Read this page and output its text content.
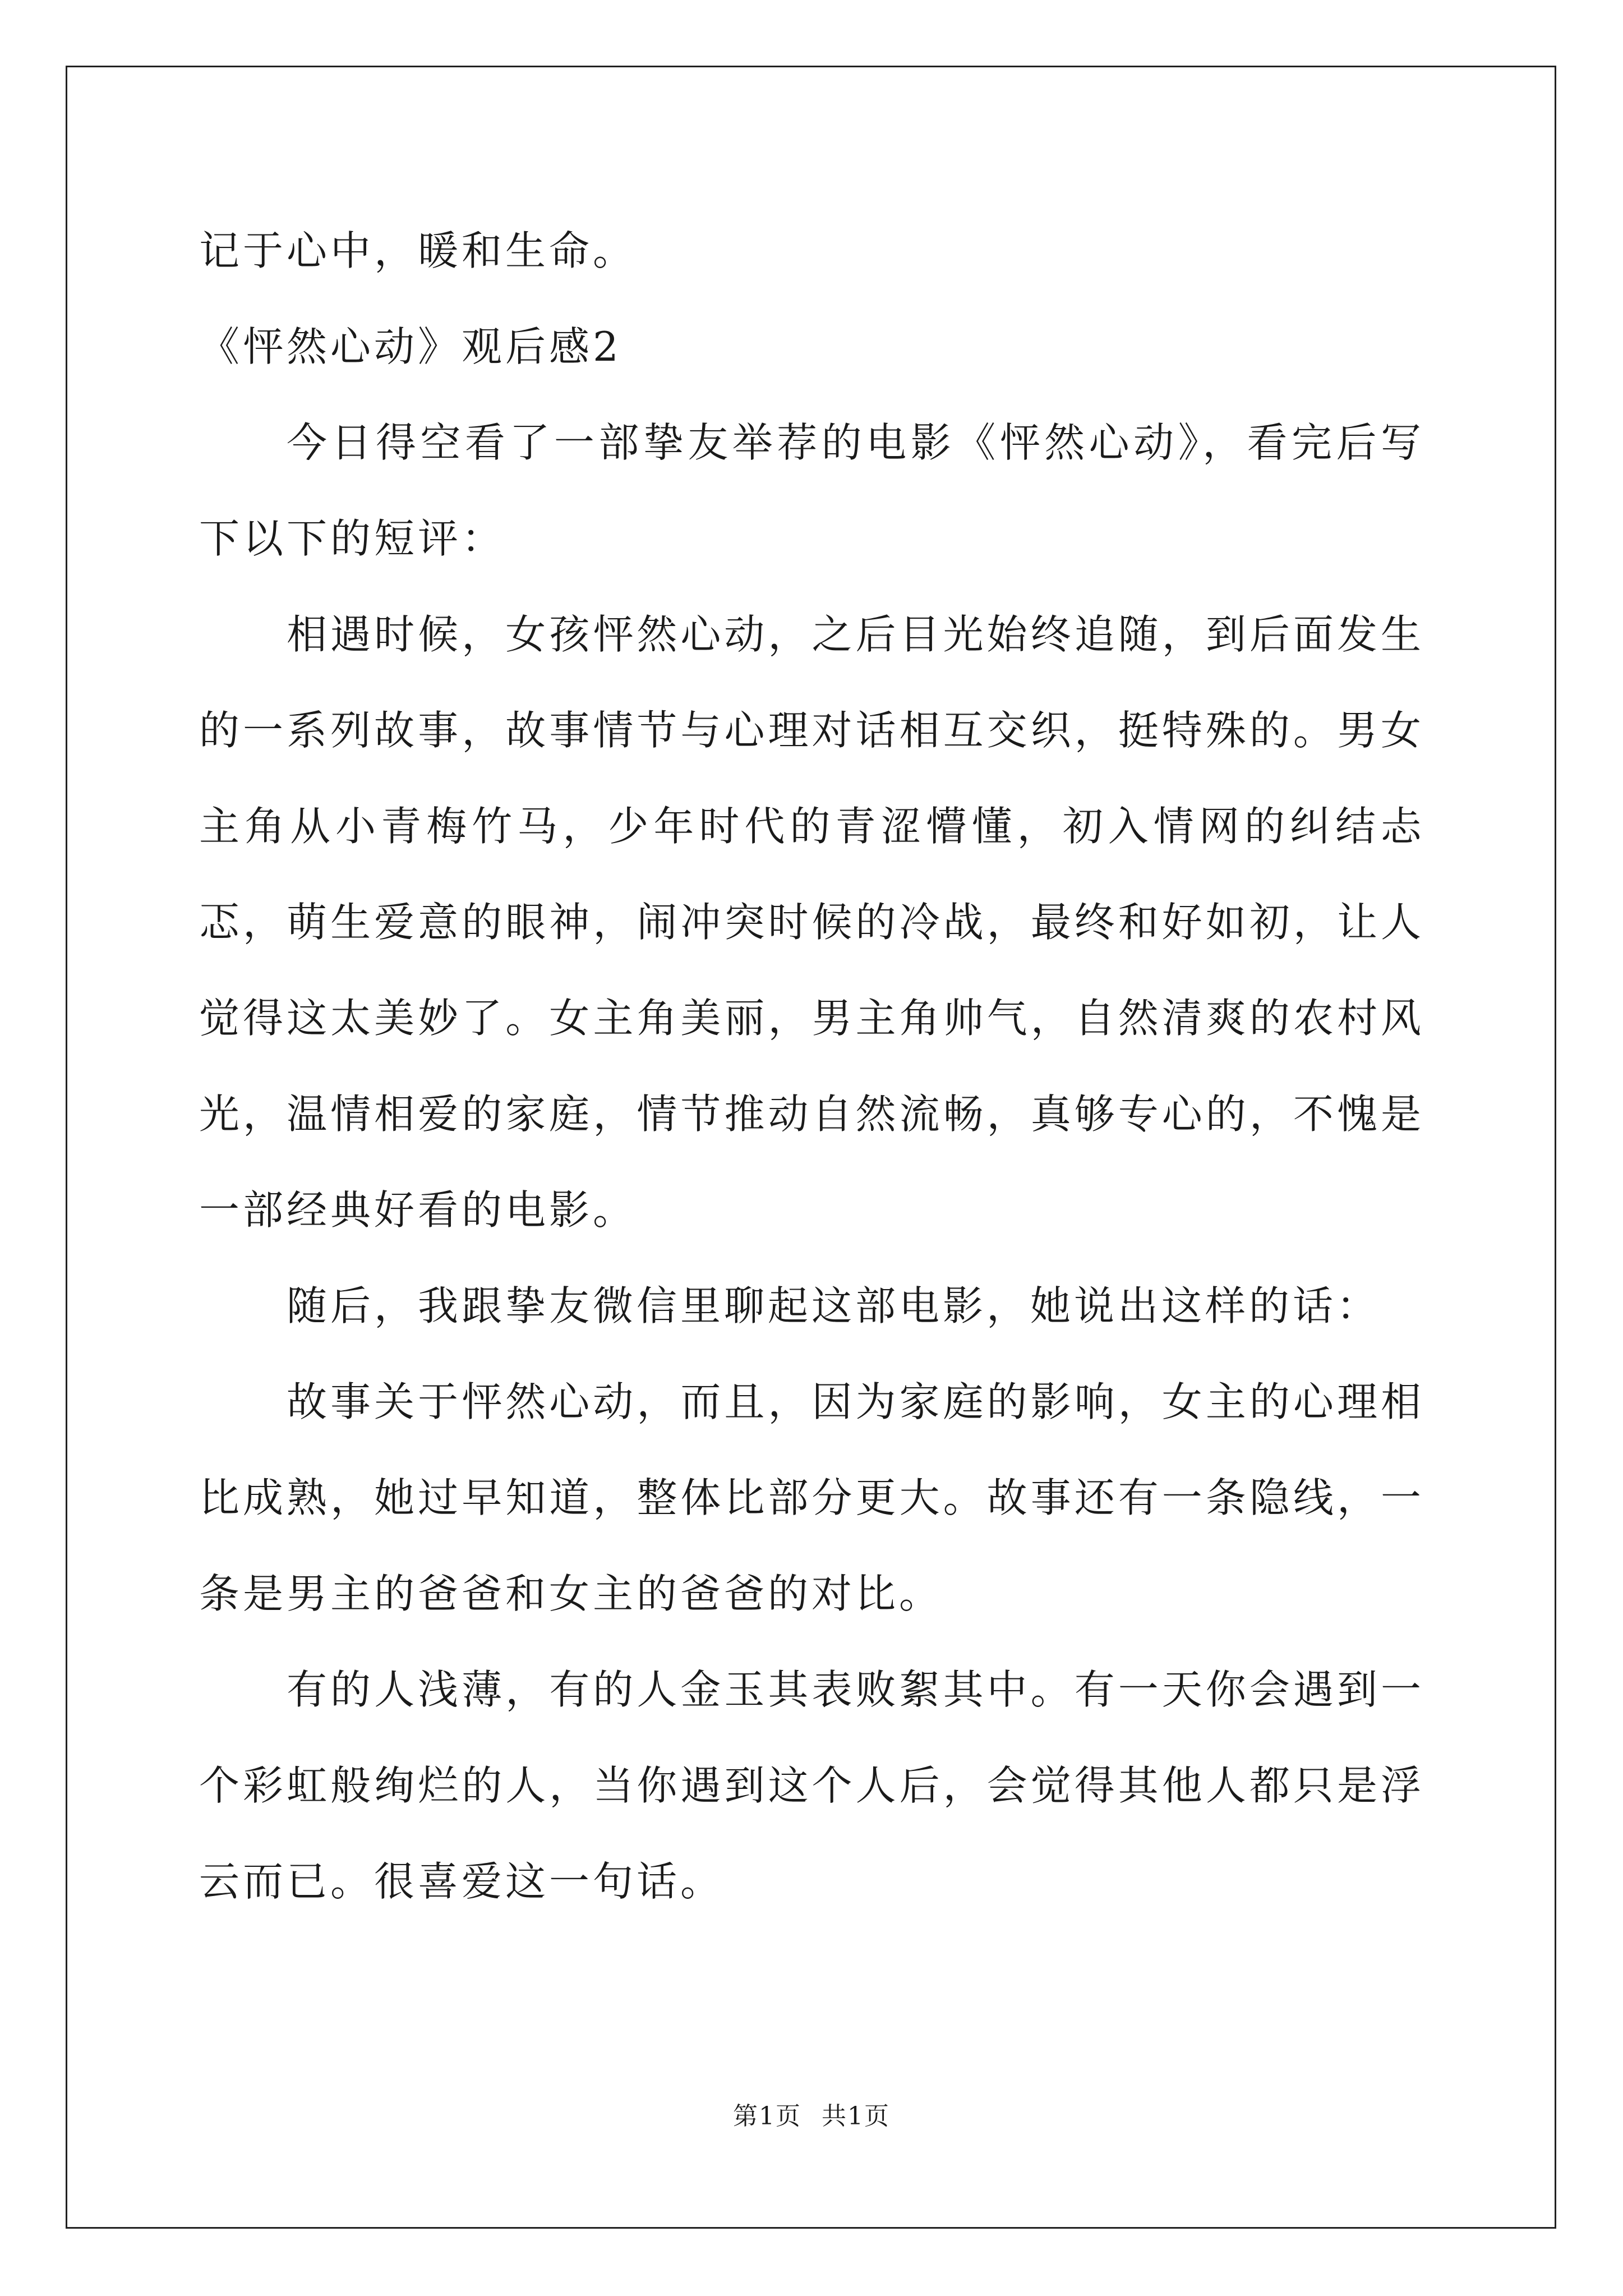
记于心中，暖和生命。

《怦然心动》观后感2

今日得空看了一部挚友举荐的电影《怦然心动》，看完后写下以下的短评：

相遇时候，女孩怦然心动，之后目光始终追随，到后面发生的一系列故事，故事情节与心理对话相互交织，挺特殊的。男女主角从小青梅竹马，少年时代的青涩懵懂，初入情网的纠结忐忑，萌生爱意的眼神，闹冲突时候的冷战，最终和好如初，让人觉得这太美妙了。女主角美丽，男主角帅气，自然清爽的农村风光，温情相爱的家庭，情节推动自然流畅，真够专心的，不愧是一部经典好看的电影。

随后，我跟挚友微信里聊起这部电影，她说出这样的话：

故事关于怦然心动，而且，因为家庭的影响，女主的心理相比成熟，她过早知道，整体比部分更大。故事还有一条隐线，一条是男主的爸爸和女主的爸爸的对比。

有的人浅薄，有的人金玉其表败絮其中。有一天你会遇到一个彩虹般绚烂的人，当你遇到这个人后，会觉得其他人都只是浮云而已。很喜爱这一句话。

第1页 共1页
